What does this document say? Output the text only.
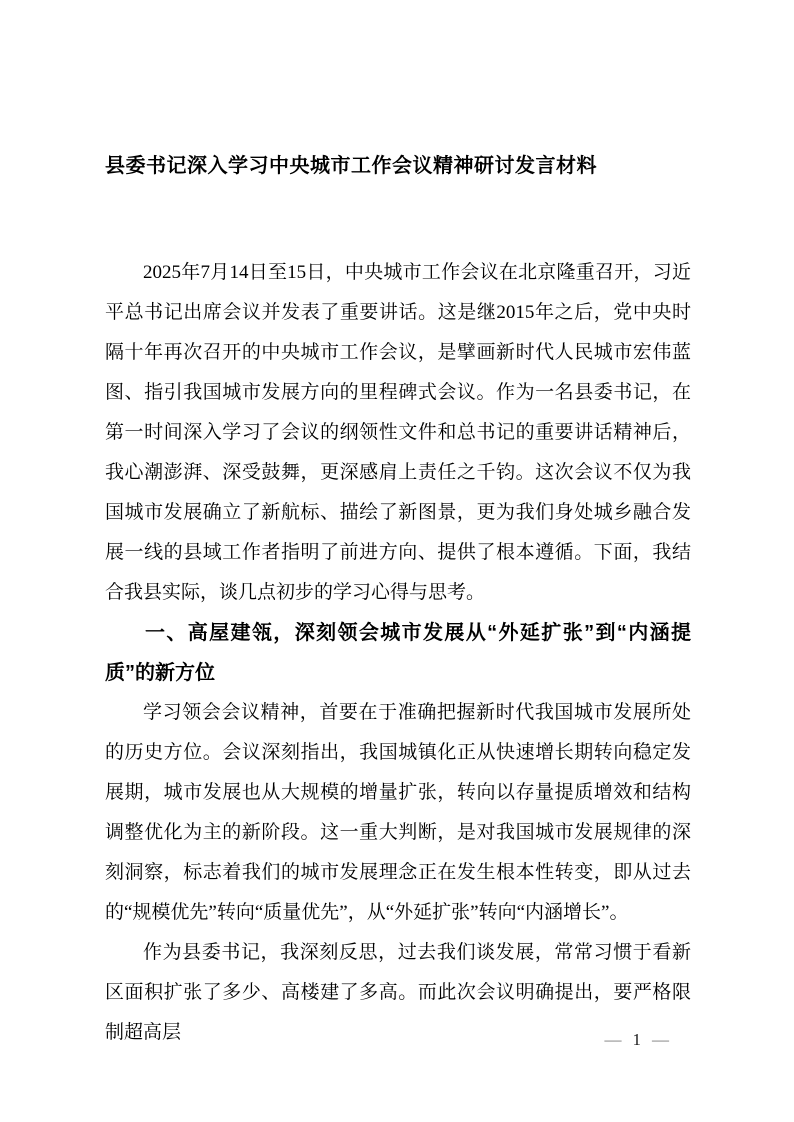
县委书记深入学习中央城市工作会议精神研讨发言材料

2025年7月14日至15日，中央城市工作会议在北京隆重召开，习近平总书记出席会议并发表了重要讲话。这是继2015年之后，党中央时隔十年再次召开的中央城市工作会议，是擘画新时代人民城市宏伟蓝图、指引我国城市发展方向的里程碑式会议。作为一名县委书记，在第一时间深入学习了会议的纲领性文件和总书记的重要讲话精神后，我心潮澎湃、深受鼓舞，更深感肩上责任之千钧。这次会议不仅为我国城市发展确立了新航标、描绘了新图景，更为我们身处城乡融合发展一线的县域工作者指明了前进方向、提供了根本遵循。下面，我结合我县实际，谈几点初步的学习心得与思考。

一、高屋建瓴，深刻领会城市发展从“外延扩张”到“内涵提质”的新方位

学习领会会议精神，首要在于准确把握新时代我国城市发展所处的历史方位。会议深刻指出，我国城镇化正从快速增长期转向稳定发展期，城市发展也从大规模的增量扩张，转向以存量提质增效和结构调整优化为主的新阶段。这一重大判断，是对我国城市发展规律的深刻洞察，标志着我们的城市发展理念正在发生根本性转变，即从过去的“规模优先”转向“质量优先”，从“外延扩张”转向“内涵增长”。

作为县委书记，我深刻反思，过去我们谈发展，常常习惯于看新区面积扩张了多少、高楼建了多高。而此次会议明确提出，要严格限制超高层	— 1 —
